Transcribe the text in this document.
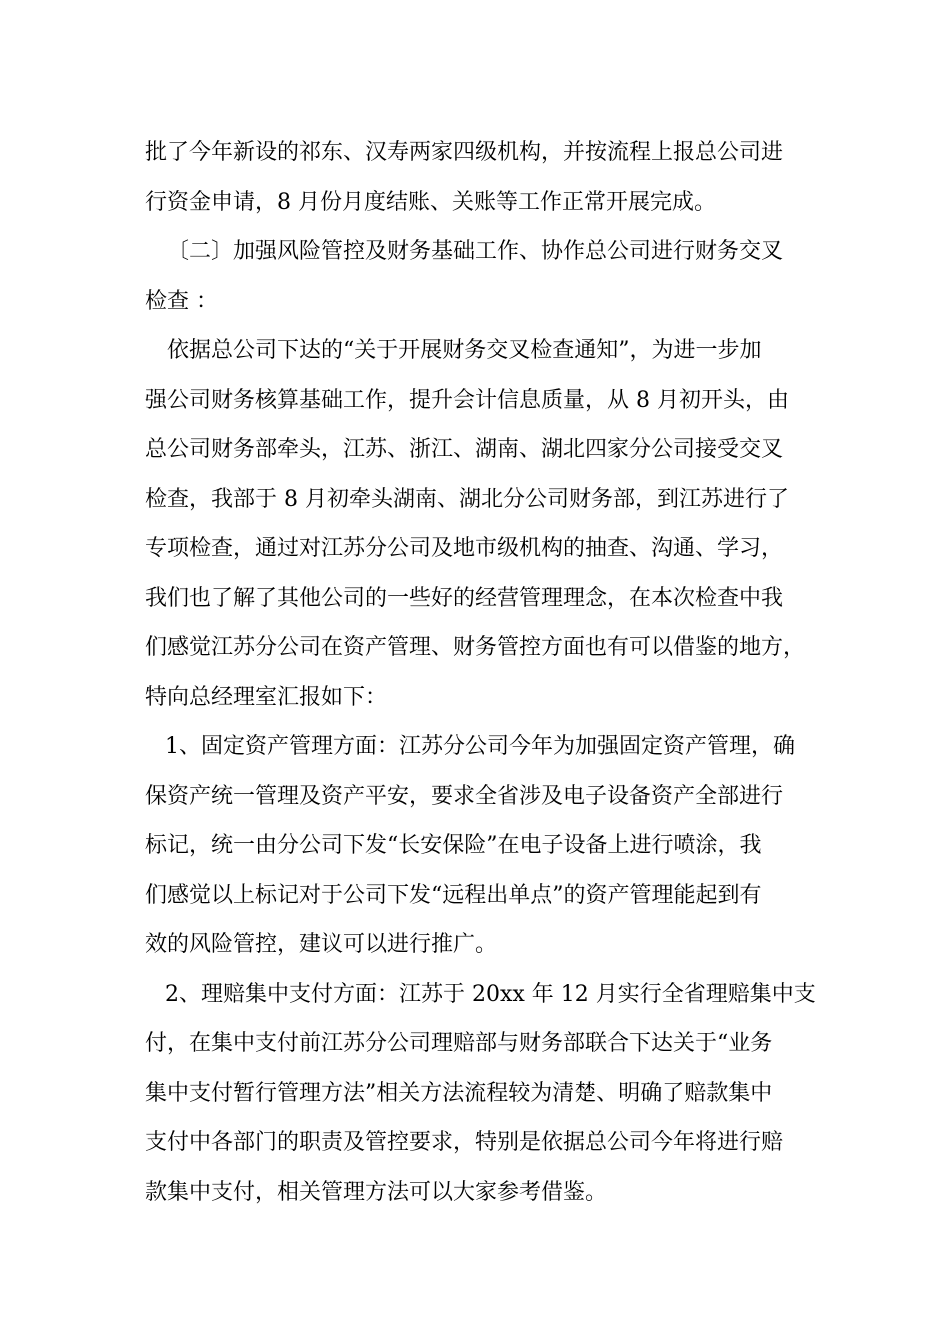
批了今年新设的祁东、汉寿两家四级机构，并按流程上报总公司进
行资金申请，8 月份月度结账、关账等工作正常开展完成。
〔二〕加强风险管控及财务基础工作、协作总公司进行财务交叉
检查 ：
依据总公司下达的“关于开展财务交叉检查通知”，为进一步加
强公司财务核算基础工作，提升会计信息质量，从 8 月初开头，由
总公司财务部牵头，江苏、浙江、湖南、湖北四家分公司接受交叉
检查，我部于 8 月初牵头湖南、湖北分公司财务部，到江苏进行了
专项检查，通过对江苏分公司及地市级机构的抽查、沟通、学习，
我们也了解了其他公司的一些好的经营管理理念，在本次检查中我
们感觉江苏分公司在资产管理、财务管控方面也有可以借鉴的地方，
特向总经理室汇报如下：
1、固定资产管理方面：江苏分公司今年为加强固定资产管理，确
保资产统一管理及资产平安，要求全省涉及电子设备资产全部进行
标记，统一由分公司下发“长安保险”在电子设备上进行喷涂，我
们感觉以上标记对于公司下发“远程出单点”的资产管理能起到有
效的风险管控，建议可以进行推广。
2、理赔集中支付方面：江苏于 20xx 年 12 月实行全省理赔集中支
付，在集中支付前江苏分公司理赔部与财务部联合下达关于“业务
集中支付暂行管理方法”相关方法流程较为清楚、明确了赔款集中
支付中各部门的职责及管控要求，特别是依据总公司今年将进行赔
款集中支付，相关管理方法可以大家参考借鉴。
